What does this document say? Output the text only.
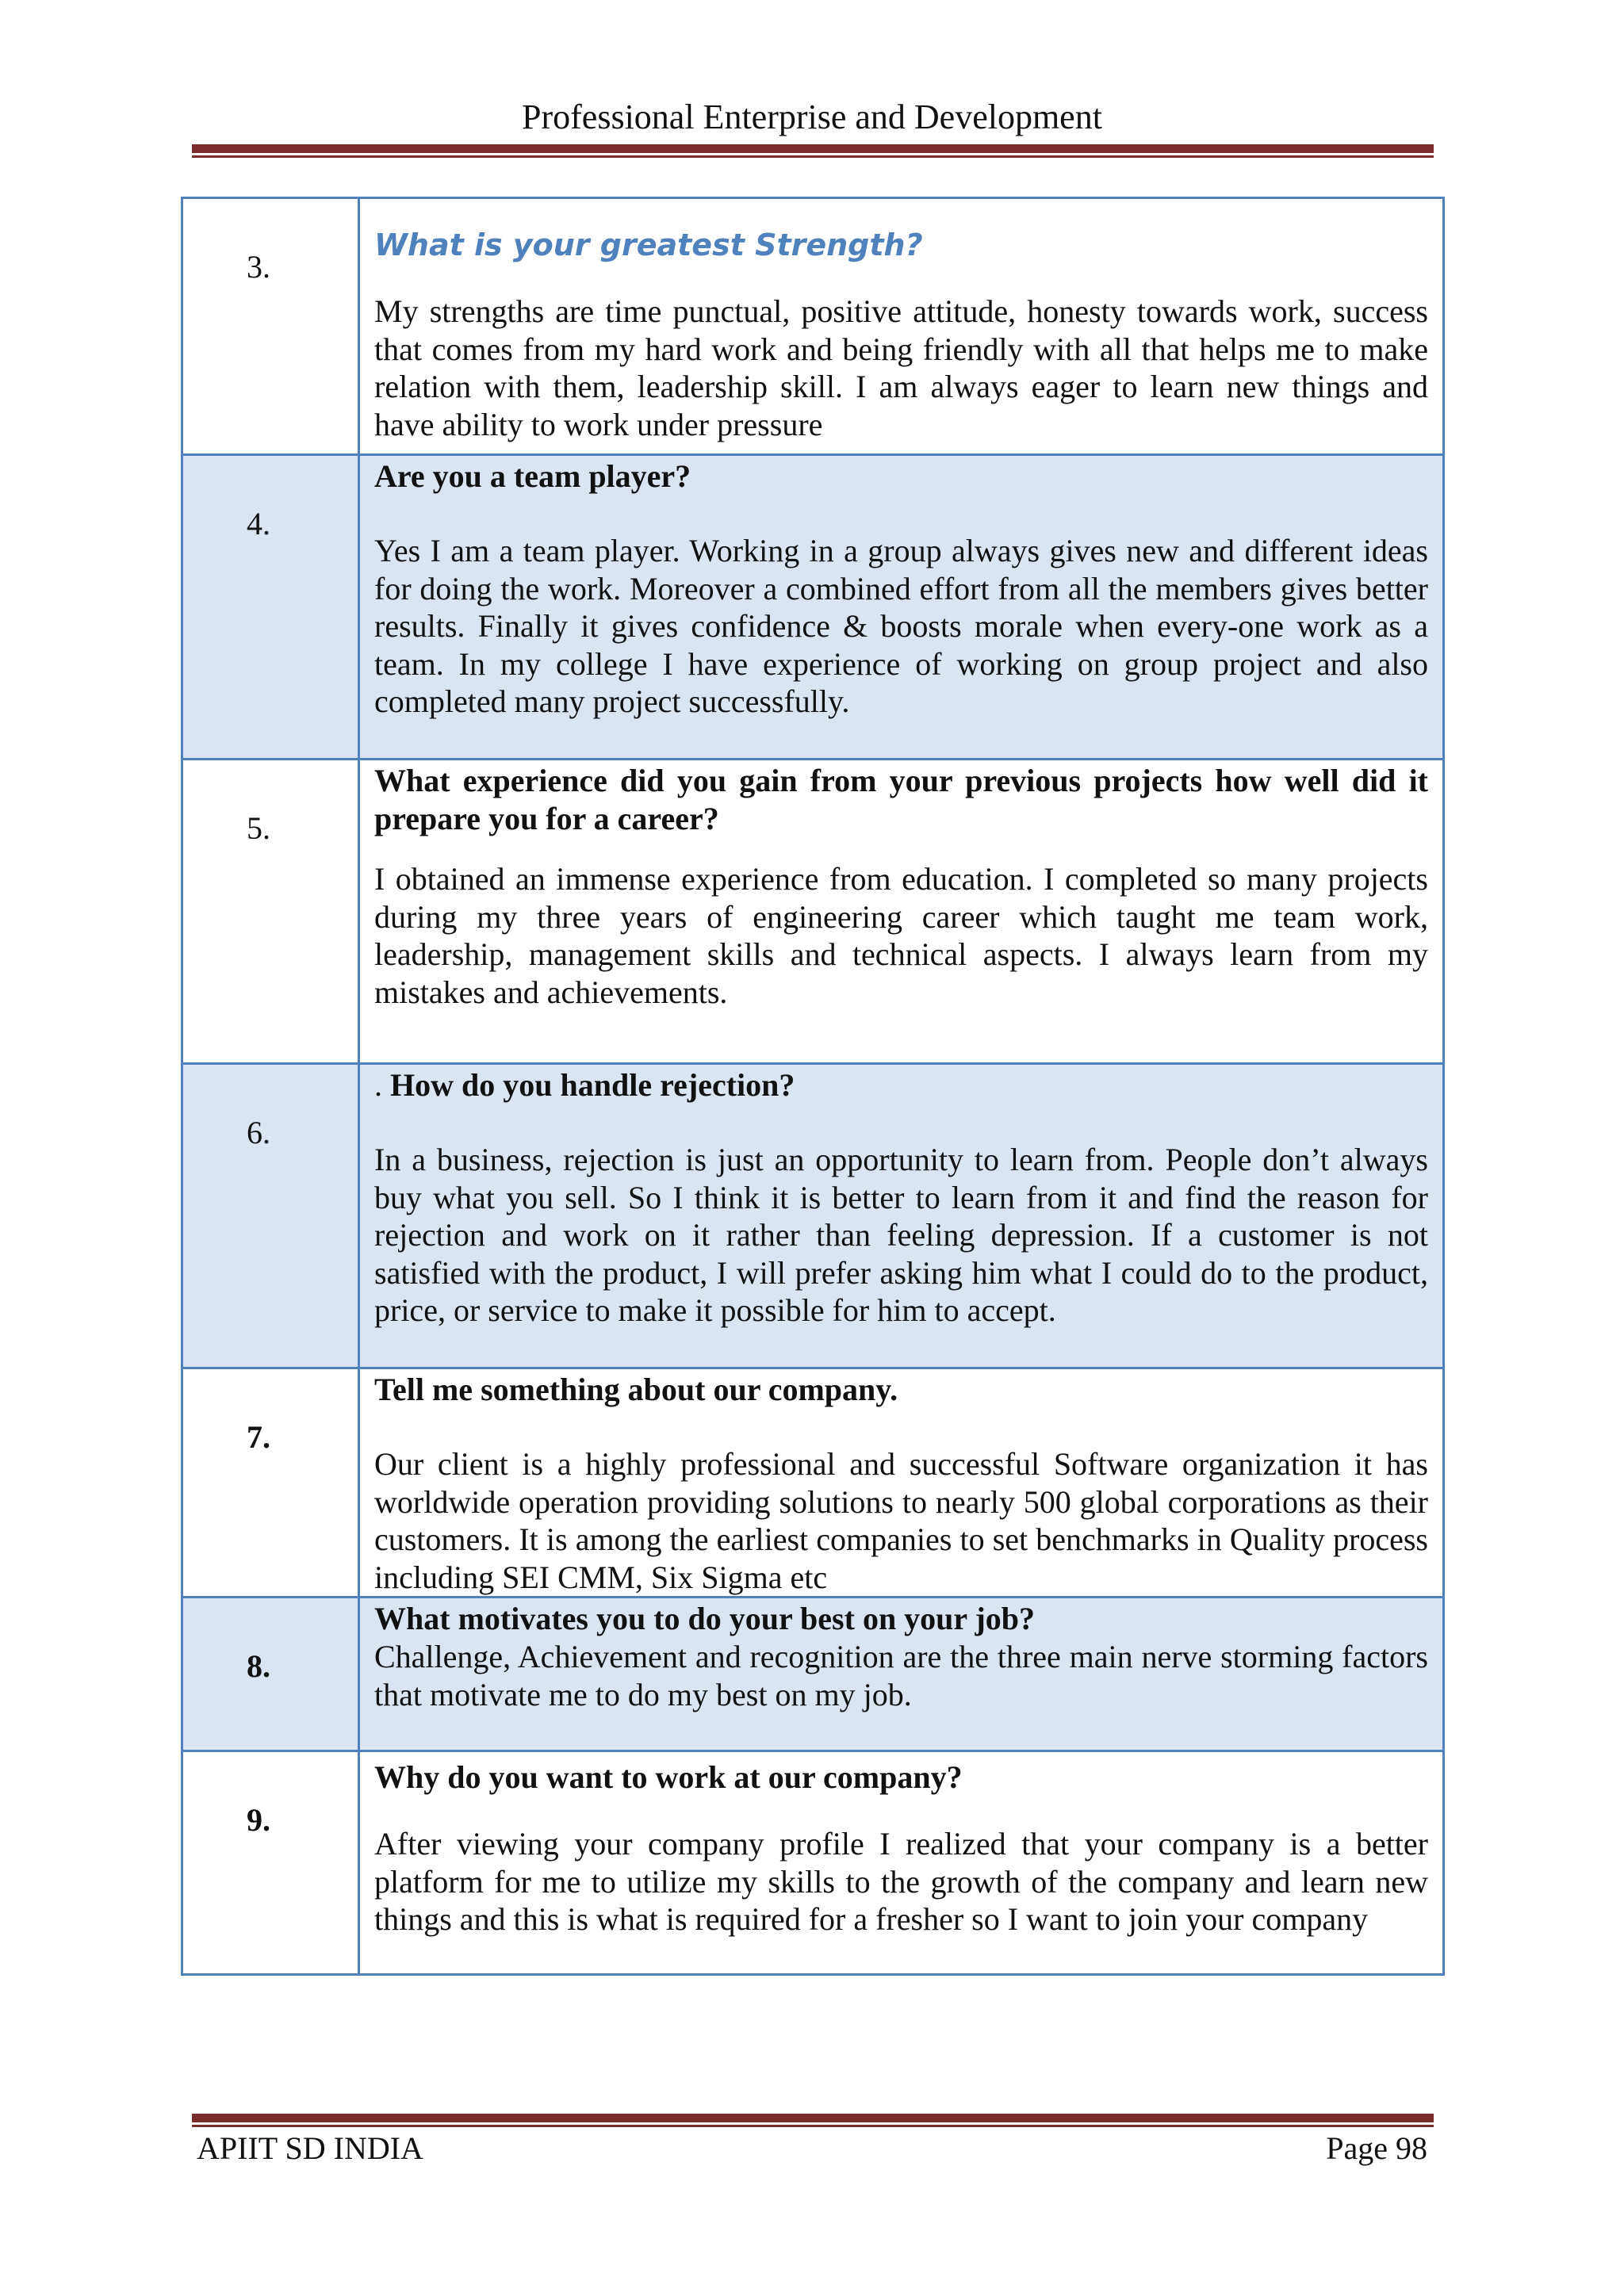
Professional Enterprise and Development
3.	What is your greatest Strength?

My strengths are time punctual, positive attitude, honesty towards work, success that comes from my hard work and being friendly with all that helps me to make relation with them, leadership skill. I am always eager to learn new things and have ability to work under pressure

4.	Are you a team player?

Yes I am a team player. Working in a group always gives new and different ideas for doing the work. Moreover a combined effort from all the members gives better results. Finally it gives confidence & boosts morale when every-one work as a team. In my college I have experience of working on group project and also completed many project successfully.

5.	What experience did you gain from your previous projects how well did it prepare you for a career?

I obtained an immense experience from education. I completed so many projects during my three years of engineering career which taught me team work, leadership, management skills and technical aspects. I always learn from my mistakes and achievements.

6.	. How do you handle rejection?

In a business, rejection is just an opportunity to learn from. People don’t always buy what you sell. So I think it is better to learn from it and find the reason for rejection and work on it rather than feeling depression. If a customer is not satisfied with the product, I will prefer asking him what I could do to the product, price, or service to make it possible for him to accept.

7.	Tell me something about our company.

Our client is a highly professional and successful Software organization it has worldwide operation providing solutions to nearly 500 global corporations as their customers. It is among the earliest companies to set benchmarks in Quality process including SEI CMM, Six Sigma etc

8.	What motivates you to do your best on your job?

Challenge, Achievement and recognition are the three main nerve storming factors that motivate me to do my best on my job.

9.	Why do you want to work at our company?

After viewing your company profile I realized that your company is a better platform for me to utilize my skills to the growth of the company and learn new things and this is what is required for a fresher so I want to join your company

APIIT SD INDIA	Page 98
